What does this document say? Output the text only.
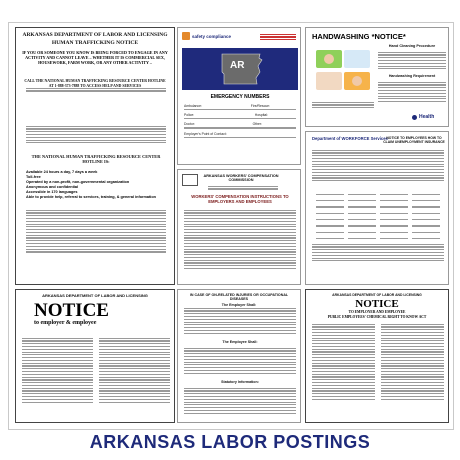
ARKANSAS DEPARTMENT OF LABOR AND LICENSING
HUMAN TRAFFICKING NOTICE
IF YOU OR SOMEONE YOU KNOW IS BEING FORCED TO ENGAGE IN ANY ACTIVITY AND CANNOT LEAVE – WHETHER IT IS COMMERCIAL SEX, HOUSEWORK, FARM WORK, OR ANY OTHER ACTIVITY –
CALL THE NATIONAL HUMAN TRAFFICKING RESOURCE CENTER HOTLINE AT 1-888-373-7888 TO ACCESS HELP AND SERVICES
THE NATIONAL HUMAN TRAFFICKING RESOURCE CENTER HOTLINE IS:
Available 24 hours a day, 7 days a week
Toll-free
Operated by a non-profit, non-governmental organization
Anonymous and confidential
Accessible in 170 languages
Able to provide help, referral to services, training, & general information
safety compliance
AR
EMERGENCY NUMBERS
Ambulance:	Fire/Rescue:
Police:	Hospital:
Doctor:	Other:
Employer's Point of Contact:
ARKANSAS WORKERS' COMPENSATION COMMISSION
WORKERS' COMPENSATION INSTRUCTIONS TO EMPLOYERS AND EMPLOYEES
HANDWASHING *NOTICE*
Hand Cleaning Procedure
Handwashing Requirement
Health
Department of WORKFORCE Services
NOTICE TO EMPLOYEES HOW TO CLAIM UNEMPLOYMENT INSURANCE
ARKANSAS DEPARTMENT OF LABOR AND LICENSING
NOTICE
to employer & employee
IN CASE OF ON-RELATED INJURIES OR OCCUPATIONAL DISEASES
The Employer Shall:
The Employee Shall:
Statutory Information:
ARKANSAS DEPARTMENT OF LABOR AND LICENSING
NOTICE
TO EMPLOYER AND EMPLOYEE
PUBLIC EMPLOYEES' CHEMICAL RIGHT TO KNOW ACT
ARKANSAS LABOR POSTINGS
